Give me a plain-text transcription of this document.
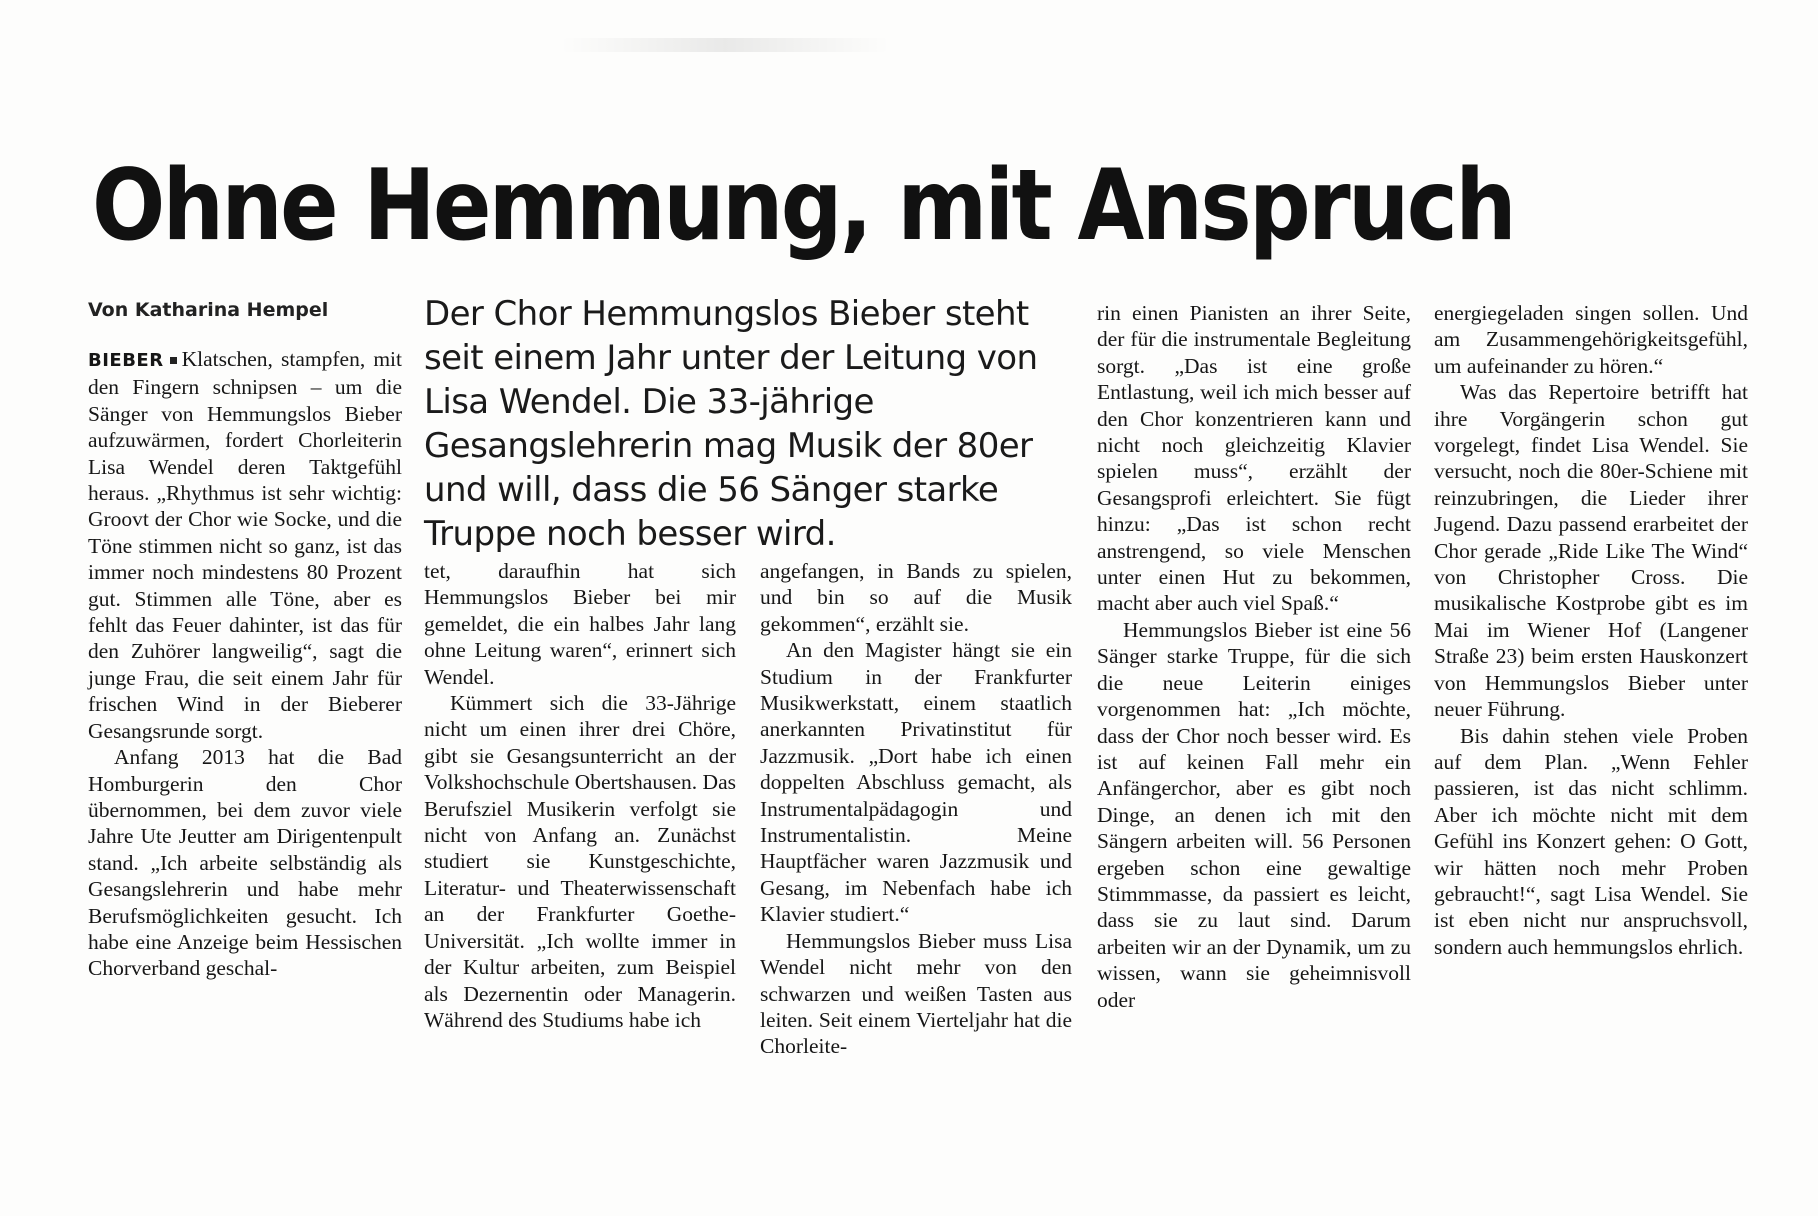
Ohne Hemmung, mit Anspruch
Von Katharina Hempel	Der Chor Hemmungslos Bieber steht seit einem Jahr unter der Leitung von Lisa Wendel. Die 33-jährige Gesangslehrerin mag Musik der 80er und will, dass die 56 Sänger starke Truppe noch besser wird.

BIEBER Klatschen, stampfen, mit den Fingern schnipsen – um die Sänger von Hemmungslos Bieber aufzuwärmen, fordert Chorleiterin Lisa Wendel deren Taktgefühl heraus. „Rhythmus ist sehr wichtig: Groovt der Chor wie Socke, und die Töne stimmen nicht so ganz, ist das immer noch mindestens 80 Prozent gut. Stimmen alle Töne, aber es fehlt das Feuer dahinter, ist das für den Zuhörer langweilig“, sagt die junge Frau, die seit einem Jahr für frischen Wind in der Bieberer Gesangsrunde sorgt.

Anfang 2013 hat die Bad Homburgerin den Chor übernommen, bei dem zuvor viele Jahre Ute Jeutter am Dirigentenpult stand. „Ich arbeite selbständig als Gesangslehrerin und habe mehr Berufsmöglichkeiten gesucht. Ich habe eine Anzeige beim Hessischen Chorverband geschal-

tet, daraufhin hat sich Hemmungslos Bieber bei mir gemeldet, die ein halbes Jahr lang ohne Leitung waren“, erinnert sich Wendel.

Kümmert sich die 33-Jährige nicht um einen ihrer drei Chöre, gibt sie Gesangsunterricht an der Volkshochschule Obertshausen. Das Berufsziel Musikerin verfolgt sie nicht von Anfang an. Zunächst studiert sie Kunstgeschichte, Literatur- und Theaterwissenschaft an der Frankfurter Goethe-Universität. „Ich wollte immer in der Kultur arbeiten, zum Beispiel als Dezernentin oder Managerin. Während des Studiums habe ich

angefangen, in Bands zu spielen, und bin so auf die Musik gekommen“, erzählt sie.

An den Magister hängt sie ein Studium in der Frankfurter Musikwerkstatt, einem staatlich anerkannten Privatinstitut für Jazzmusik. „Dort habe ich einen doppelten Abschluss gemacht, als Instrumentalpädagogin und Instrumentalistin. Meine Hauptfächer waren Jazzmusik und Gesang, im Nebenfach habe ich Klavier studiert.“

Hemmungslos Bieber muss Lisa Wendel nicht mehr von den schwarzen und weißen Tasten aus leiten. Seit einem Vierteljahr hat die Chorleite-

rin einen Pianisten an ihrer Seite, der für die instrumentale Begleitung sorgt. „Das ist eine große Entlastung, weil ich mich besser auf den Chor konzentrieren kann und nicht noch gleichzeitig Klavier spielen muss“, erzählt der Gesangsprofi erleichtert. Sie fügt hinzu: „Das ist schon recht anstrengend, so viele Menschen unter einen Hut zu bekommen, macht aber auch viel Spaß.“

Hemmungslos Bieber ist eine 56 Sänger starke Truppe, für die sich die neue Leiterin einiges vorgenommen hat: „Ich möchte, dass der Chor noch besser wird. Es ist auf keinen Fall mehr ein Anfängerchor, aber es gibt noch Dinge, an denen ich mit den Sängern arbeiten will. 56 Personen ergeben schon eine gewaltige Stimmmasse, da passiert es leicht, dass sie zu laut sind. Darum arbeiten wir an der Dynamik, um zu wissen, wann sie geheimnisvoll oder

energiegeladen singen sollen. Und am Zusammengehörigkeitsgefühl, um aufeinander zu hören.“

Was das Repertoire betrifft hat ihre Vorgängerin schon gut vorgelegt, findet Lisa Wendel. Sie versucht, noch die 80er-Schiene mit reinzubringen, die Lieder ihrer Jugend. Dazu passend erarbeitet der Chor gerade „Ride Like The Wind“ von Christopher Cross. Die musikalische Kostprobe gibt es im Mai im Wiener Hof (Langener Straße 23) beim ersten Hauskonzert von Hemmungslos Bieber unter neuer Führung.

Bis dahin stehen viele Proben auf dem Plan. „Wenn Fehler passieren, ist das nicht schlimm. Aber ich möchte nicht mit dem Gefühl ins Konzert gehen: O Gott, wir hätten noch mehr Proben gebraucht!“, sagt Lisa Wendel. Sie ist eben nicht nur anspruchsvoll, sondern auch hemmungslos ehrlich.
